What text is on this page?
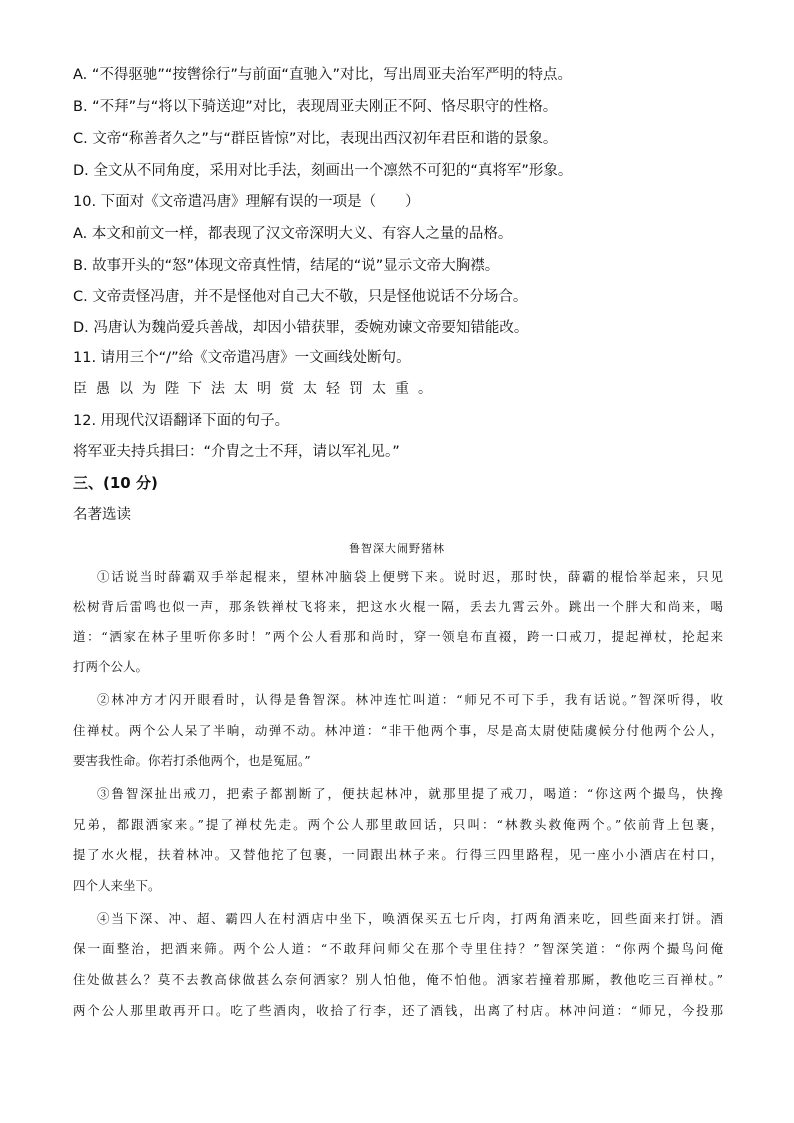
A. “不得驱驰”“按辔徐行”与前面“直驰入”对比，写出周亚夫治军严明的特点。
B. “不拜”与“将以下骑送迎”对比，表现周亚夫刚正不阿、恪尽职守的性格。
C. 文帝“称善者久之”与“群臣皆惊”对比，表现出西汉初年君臣和谐的景象。
D. 全文从不同角度，采用对比手法，刻画出一个凛然不可犯的“真将军”形象。
10. 下面对《文帝遣冯唐》理解有误的一项是（　　）
A. 本文和前文一样，都表现了汉文帝深明大义、有容人之量的品格。
B. 故事开头的“怒”体现文帝真性情，结尾的“说”显示文帝大胸襟。
C. 文帝责怪冯唐，并不是怪他对自己大不敬，只是怪他说话不分场合。
D. 冯唐认为魏尚爱兵善战，却因小错获罪，委婉劝谏文帝要知错能改。
11. 请用三个“/”给《文帝遣冯唐》一文画线处断句。
臣愚以为陛下法太明赏太轻罚太重。
12. 用现代汉语翻译下面的句子。
将军亚夫持兵揖曰：“介胄之士不拜，请以军礼见。”
三、(10 分)
名著选读
鲁智深大闹野猪林
①话说当时薛霸双手举起棍来，望林冲脑袋上便劈下来。说时迟，那时快，薛霸的棍恰举起来，只见
松树背后雷鸣也似一声，那条铁禅杖飞将来，把这水火棍一隔，丢去九霄云外。跳出一个胖大和尚来，喝
道：“洒家在林子里听你多时！”两个公人看那和尚时，穿一领皂布直裰，跨一口戒刀，提起禅杖，抡起来
打两个公人。
②林冲方才闪开眼看时，认得是鲁智深。林冲连忙叫道：“师兄不可下手，我有话说。”智深听得，收
住禅杖。两个公人呆了半晌，动弹不动。林冲道：“非干他两个事，尽是高太尉使陆虞候分付他两个公人，
要害我性命。你若打杀他两个，也是冤屈。”
③鲁智深扯出戒刀，把索子都割断了，便扶起林冲，就那里提了戒刀，喝道：“你这两个撮鸟，快搀
兄弟，都跟洒家来。”提了禅杖先走。两个公人那里敢回话，只叫：“林教头救俺两个。”依前背上包裹，
提了水火棍，扶着林冲。又替他拕了包裹，一同跟出林子来。行得三四里路程，见一座小小酒店在村口，
四个人来坐下。
④当下深、冲、超、霸四人在村酒店中坐下，唤酒保买五七斤肉，打两角酒来吃，回些面来打饼。酒
保一面整治，把酒来筛。两个公人道：“不敢拜问师父在那个寺里住持？”智深笑道：“你两个撮鸟问俺
住处做甚么？莫不去教高俅做甚么奈何洒家？别人怕他，俺不怕他。洒家若撞着那厮，教他吃三百禅杖。”
两个公人那里敢再开口。吃了些酒肉，收拾了行李，还了酒钱，出离了村店。林冲问道：“师兄，今投那
